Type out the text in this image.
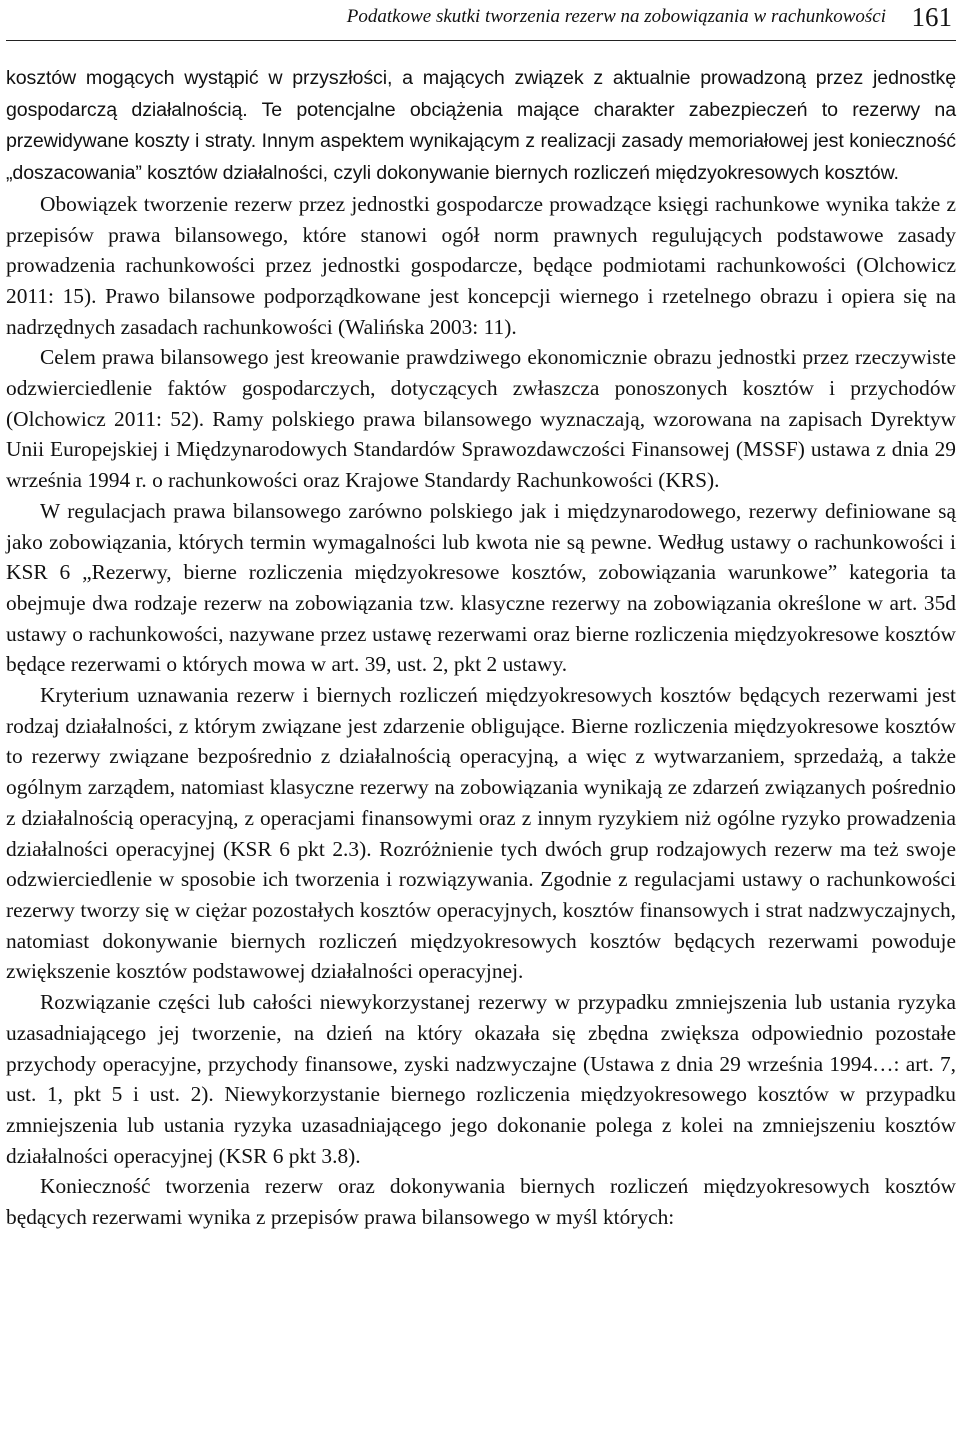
Podatkowe skutki tworzenia rezerw na zobowiązania w rachunkowości 161

kosztów mogących wystąpić w przyszłości, a mających związek z aktualnie prowadzoną przez jednostkę gospodarczą działalnością. Te potencjalne obciążenia mające charakter zabezpieczeń to rezerwy na przewidywane koszty i straty. Innym aspektem wynikającym z realizacji zasady memoriałowej jest konieczność „doszacowania” kosztów działalności, czyli dokonywanie biernych rozliczeń międzyokresowych kosztów.

Obowiązek tworzenie rezerw przez jednostki gospodarcze prowadzące księgi rachunkowe wynika także z przepisów prawa bilansowego, które stanowi ogół norm prawnych regulujących podstawowe zasady prowadzenia rachunkowości przez jednostki gospodarcze, będące podmiotami rachunkowości (Olchowicz 2011: 15). Prawo bilansowe podporządkowane jest koncepcji wiernego i rzetelnego obrazu i opiera się na nadrzędnych zasadach rachunkowości (Walińska 2003: 11).

Celem prawa bilansowego jest kreowanie prawdziwego ekonomicznie obrazu jednostki przez rzeczywiste odzwierciedlenie faktów gospodarczych, dotyczących zwłaszcza ponoszonych kosztów i przychodów (Olchowicz 2011: 52). Ramy polskiego prawa bilansowego wyznaczają, wzorowana na zapisach Dyrektyw Unii Europejskiej i Międzynarodowych Standardów Sprawozdawczości Finansowej (MSSF) ustawa z dnia 29 września 1994 r. o rachunkowości oraz Krajowe Standardy Rachunkowości (KRS).

W regulacjach prawa bilansowego zarówno polskiego jak i międzynarodowego, rezerwy definiowane są jako zobowiązania, których termin wymagalności lub kwota nie są pewne. Według ustawy o rachunkowości i KSR 6 „Rezerwy, bierne rozliczenia międzyokresowe kosztów, zobowiązania warunkowe” kategoria ta obejmuje dwa rodzaje rezerw na zobowiązania tzw. klasyczne rezerwy na zobowiązania określone w art. 35d ustawy o rachunkowości, nazywane przez ustawę rezerwami oraz bierne rozliczenia międzyokresowe kosztów będące rezerwami o których mowa w art. 39, ust. 2, pkt 2 ustawy.

Kryterium uznawania rezerw i biernych rozliczeń międzyokresowych kosztów będących rezerwami jest rodzaj działalności, z którym związane jest zdarzenie obligujące. Bierne rozliczenia międzyokresowe kosztów to rezerwy związane bezpośrednio z działalnością operacyjną, a więc z wytwarzaniem, sprzedażą, a także ogólnym zarządem, natomiast klasyczne rezerwy na zobowiązania wynikają ze zdarzeń związanych pośrednio z działalnością operacyjną, z operacjami finansowymi oraz z innym ryzykiem niż ogólne ryzyko prowadzenia działalności operacyjnej (KSR 6 pkt 2.3). Rozróżnienie tych dwóch grup rodzajowych rezerw ma też swoje odzwierciedlenie w sposobie ich tworzenia i rozwiązywania. Zgodnie z regulacjami ustawy o rachunkowości rezerwy tworzy się w ciężar pozostałych kosztów operacyjnych, kosztów finansowych i strat nadzwyczajnych, natomiast dokonywanie biernych rozliczeń międzyokresowych kosztów będących rezerwami powoduje zwiększenie kosztów podstawowej działalności operacyjnej.

Rozwiązanie części lub całości niewykorzystanej rezerwy w przypadku zmniejszenia lub ustania ryzyka uzasadniającego jej tworzenie, na dzień na który okazała się zbędna zwiększa odpowiednio pozostałe przychody operacyjne, przychody finansowe, zyski nadzwyczajne (Ustawa z dnia 29 września 1994…: art. 7, ust. 1, pkt 5 i ust. 2). Niewykorzystanie biernego rozliczenia międzyokresowego kosztów w przypadku zmniejszenia lub ustania ryzyka uzasadniającego jego dokonanie polega z kolei na zmniejszeniu kosztów działalności operacyjnej (KSR 6 pkt 3.8).

Konieczność tworzenia rezerw oraz dokonywania biernych rozliczeń międzyokresowych kosztów będących rezerwami wynika z przepisów prawa bilansowego w myśl których:
